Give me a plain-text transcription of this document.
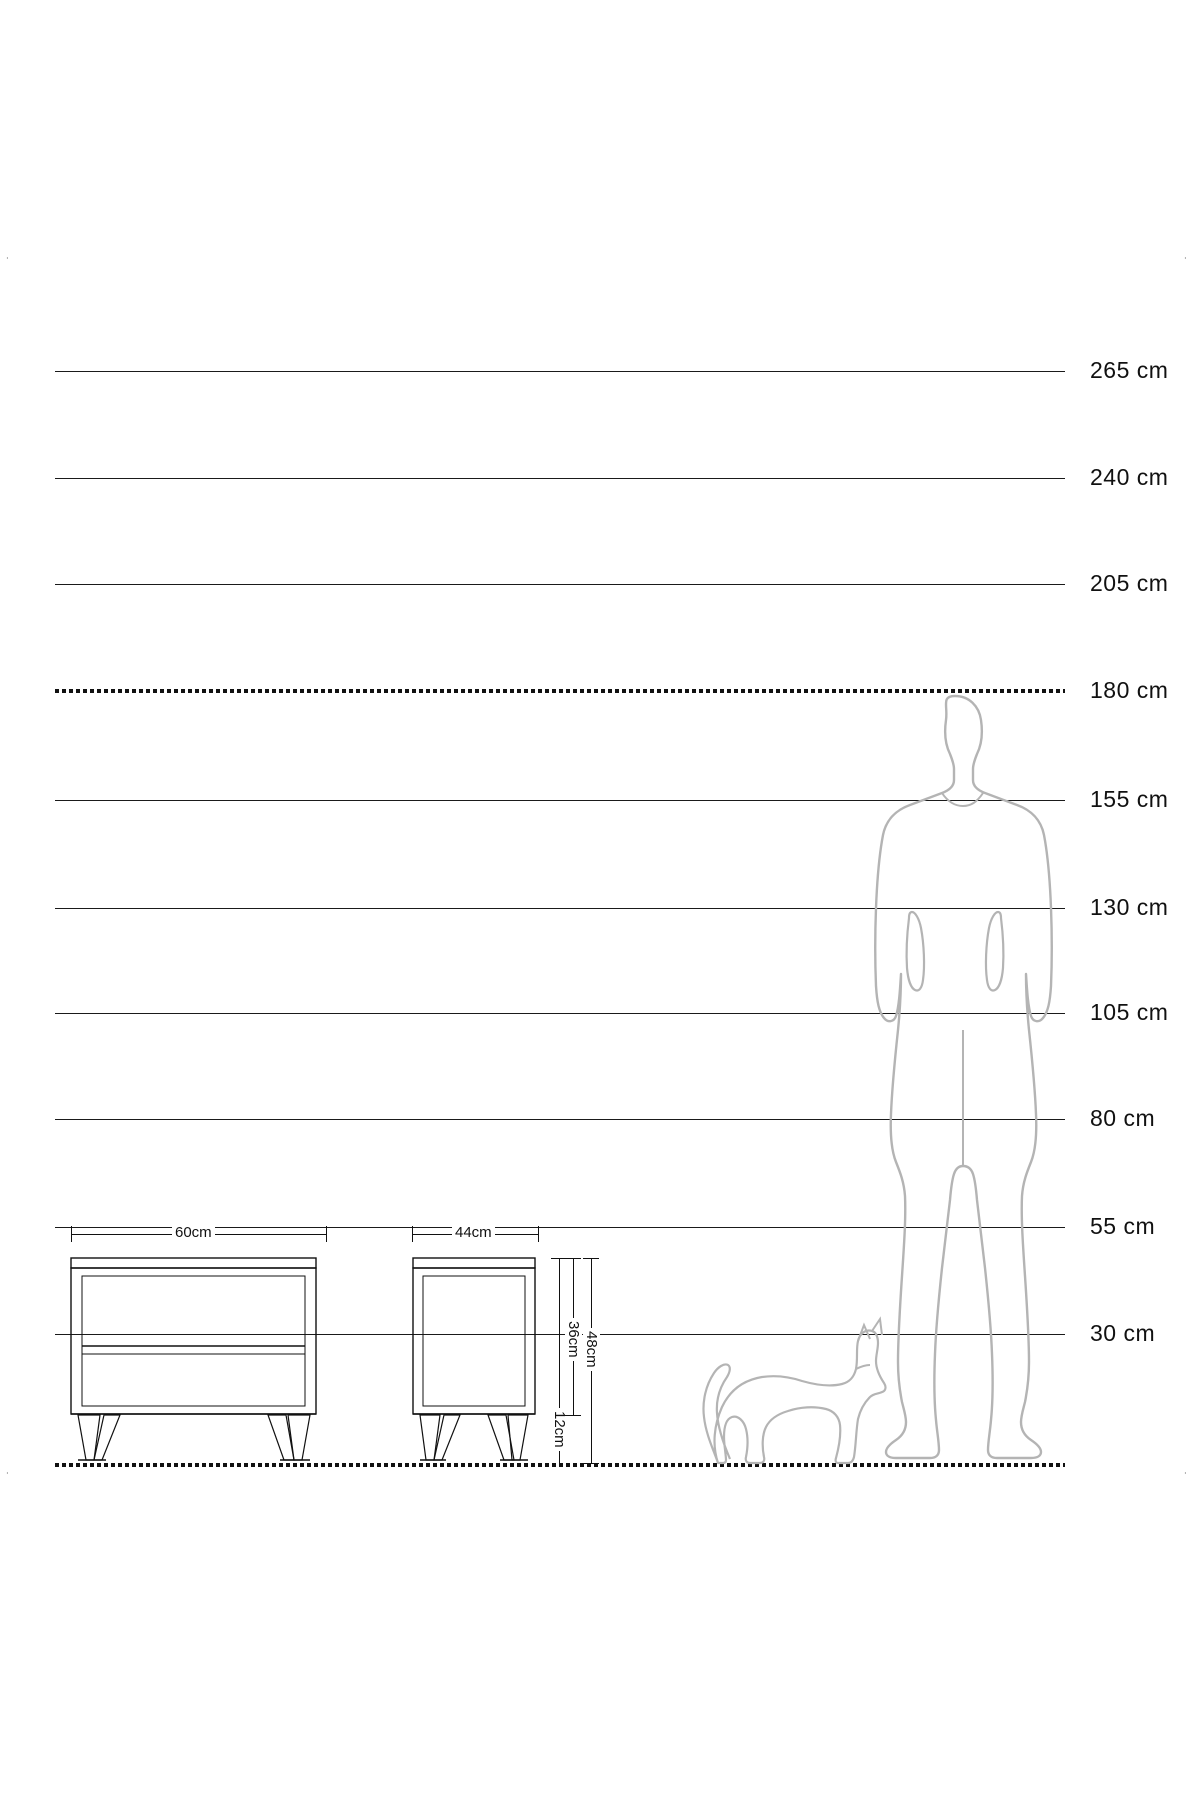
˙	˙
˙	˙
265 cm
240 cm
205 cm
180 cm
155 cm
130 cm
105 cm
80 cm
55 cm
30 cm
60cm	44cm
12cm
36cm 48cm
